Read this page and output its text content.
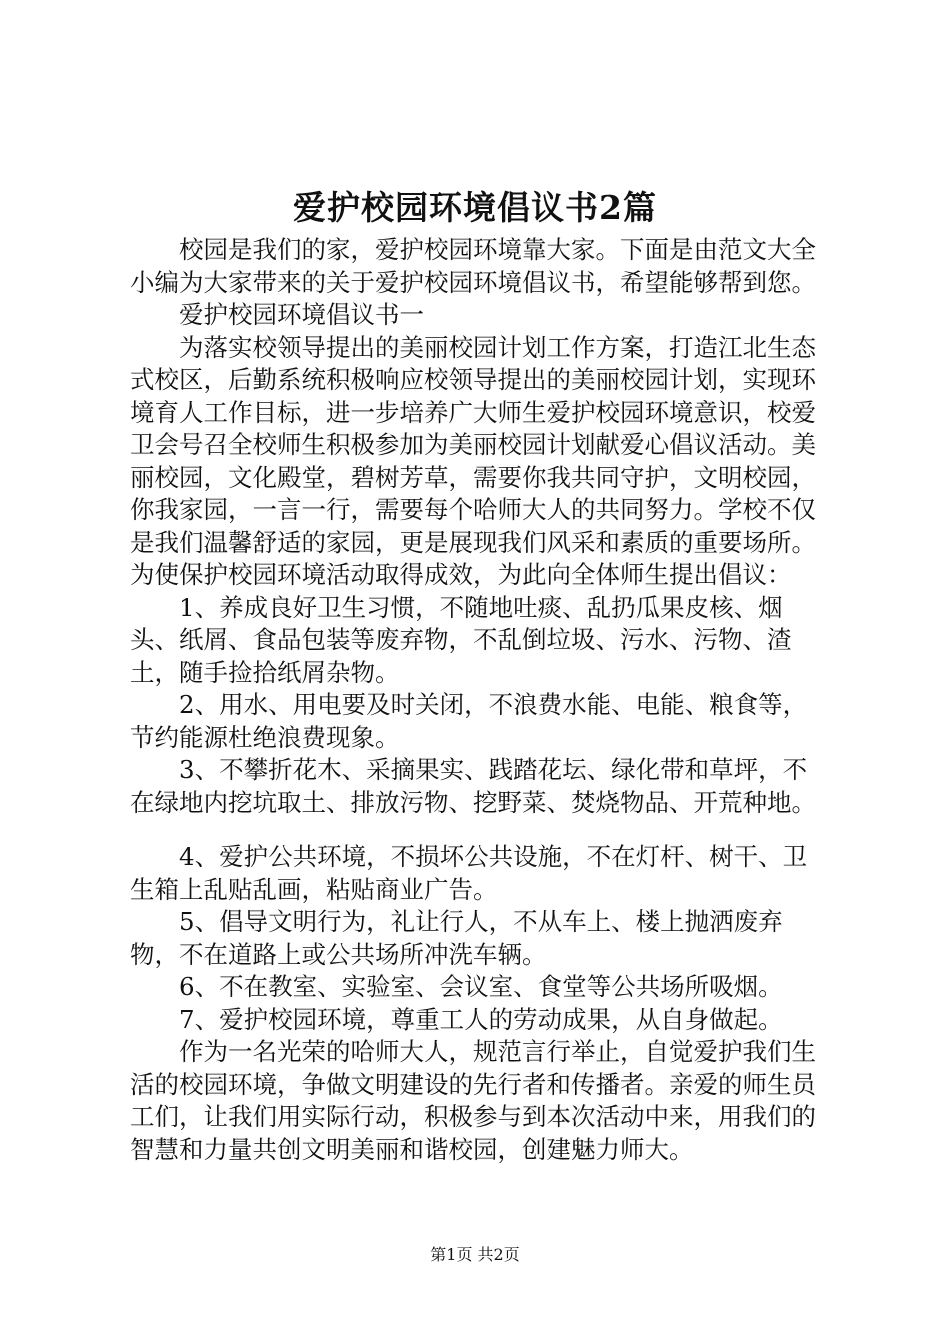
爱护校园环境倡议书2篇

校园是我们的家，爱护校园环境靠大家。下面是由范文大全小编为大家带来的关于爱护校园环境倡议书，希望能够帮到您。

爱护校园环境倡议书一

为落实校领导提出的美丽校园计划工作方案，打造江北生态式校区，后勤系统积极响应校领导提出的美丽校园计划，实现环境育人工作目标，进一步培养广大师生爱护校园环境意识，校爱卫会号召全校师生积极参加为美丽校园计划献爱心倡议活动。美丽校园，文化殿堂，碧树芳草，需要你我共同守护，文明校园，你我家园，一言一行，需要每个哈师大人的共同努力。学校不仅是我们温馨舒适的家园，更是展现我们风采和素质的重要场所。为使保护校园环境活动取得成效，为此向全体师生提出倡议：

1、养成良好卫生习惯，不随地吐痰、乱扔瓜果皮核、烟头、纸屑、食品包装等废弃物，不乱倒垃圾、污水、污物、渣土，随手捡拾纸屑杂物。

2、用水、用电要及时关闭，不浪费水能、电能、粮食等，节约能源杜绝浪费现象。

3、不攀折花木、采摘果实、践踏花坛、绿化带和草坪，不在绿地内挖坑取土、排放污物、挖野菜、焚烧物品、开荒种地。

4、爱护公共环境，不损坏公共设施，不在灯杆、树干、卫生箱上乱贴乱画，粘贴商业广告。

5、倡导文明行为，礼让行人，不从车上、楼上抛洒废弃物，不在道路上或公共场所冲洗车辆。

6、不在教室、实验室、会议室、食堂等公共场所吸烟。

7、爱护校园环境，尊重工人的劳动成果，从自身做起。

作为一名光荣的哈师大人，规范言行举止，自觉爱护我们生活的校园环境，争做文明建设的先行者和传播者。亲爱的师生员工们，让我们用实际行动，积极参与到本次活动中来，用我们的智慧和力量共创文明美丽和谐校园，创建魅力师大。

第1页 共2页
